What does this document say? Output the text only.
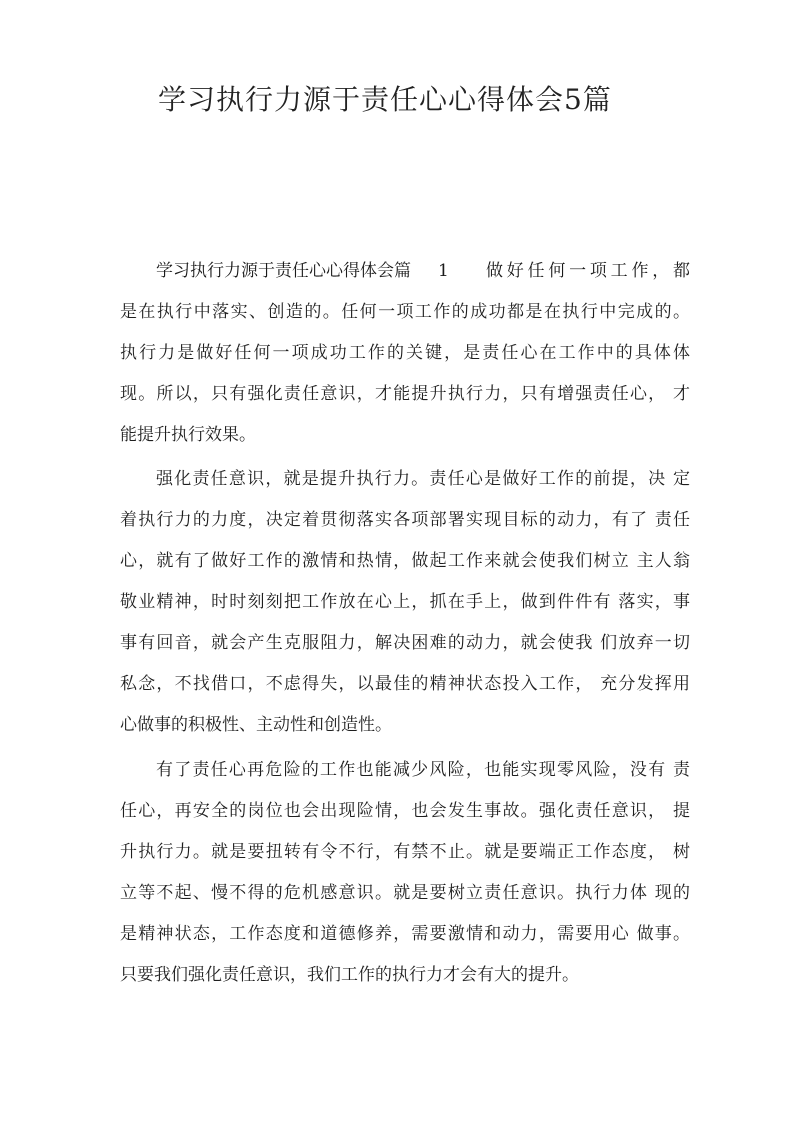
学习执行力源于责任心心得体会5篇
学习执行力源于责任心心得体会篇 1 做好任何一项工作，都
是在执行中落实、创造的。任何一项工作的成功都是在执行中完成的。
执行力是做好任何一项成功工作的关键，是责任心在工作中的具体体
现。所以，只有强化责任意识，才能提升执行力，只有增强责任心， 才
能提升执行效果。
强化责任意识，就是提升执行力。责任心是做好工作的前提，决 定
着执行力的力度，决定着贯彻落实各项部署实现目标的动力，有了 责任
心，就有了做好工作的激情和热情，做起工作来就会使我们树立 主人翁
敬业精神，时时刻刻把工作放在心上，抓在手上，做到件件有 落实，事
事有回音，就会产生克服阻力，解决困难的动力，就会使我 们放弃一切
私念，不找借口，不虑得失，以最佳的精神状态投入工作， 充分发挥用
心做事的积极性、主动性和创造性。
有了责任心再危险的工作也能减少风险，也能实现零风险，没有 责
任心，再安全的岗位也会出现险情，也会发生事故。强化责任意识， 提
升执行力。就是要扭转有令不行，有禁不止。就是要端正工作态度， 树
立等不起、慢不得的危机感意识。就是要树立责任意识。执行力体 现的
是精神状态，工作态度和道德修养，需要激情和动力，需要用心 做事。
只要我们强化责任意识，我们工作的执行力才会有大的提升。
